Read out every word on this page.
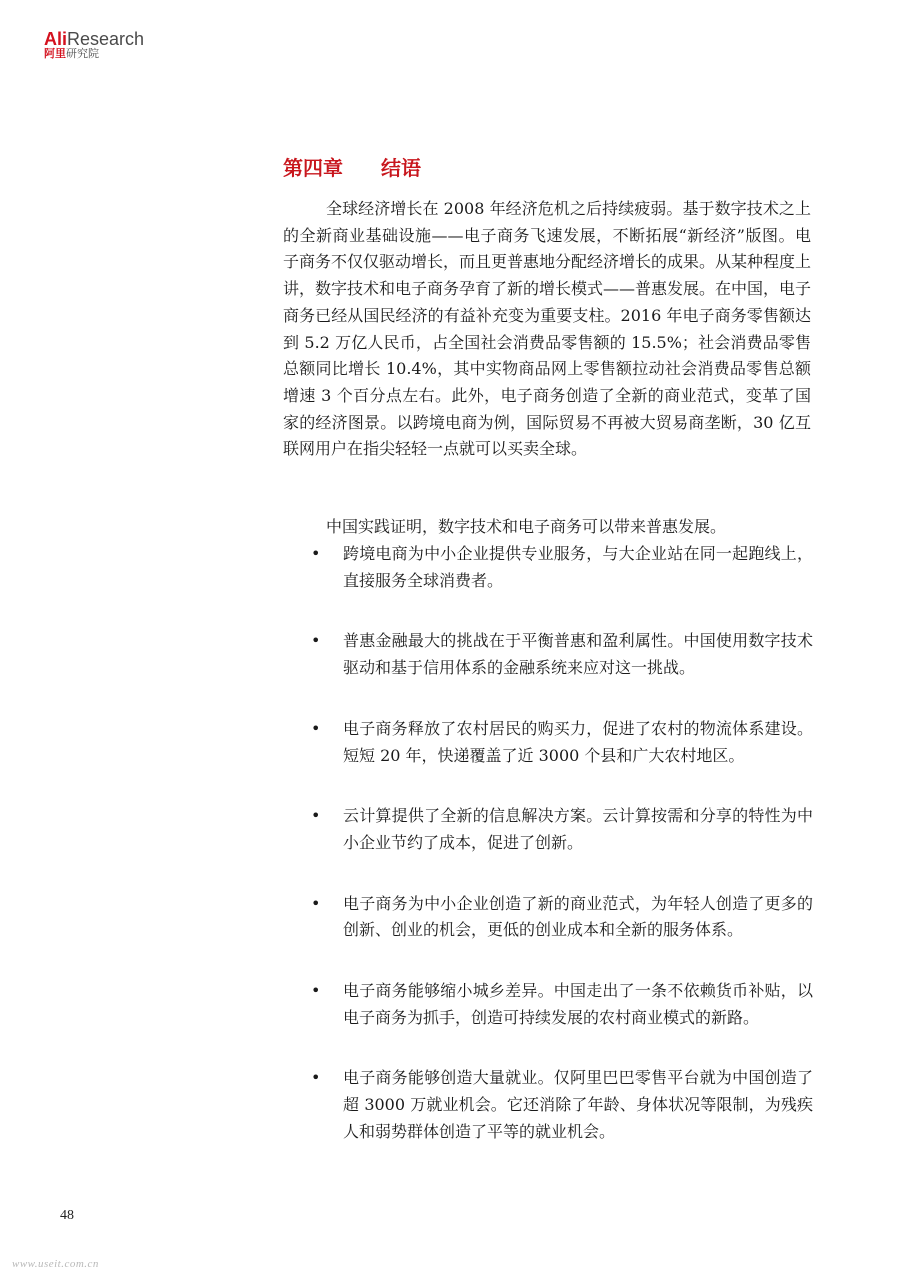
AliResearch
阿里研究院
第四章 结语

全球经济增长在 2008 年经济危机之后持续疲弱。基于数字技术之上的全新商业基础设施——电子商务飞速发展，不断拓展“新经济”版图。电子商务不仅仅驱动增长，而且更普惠地分配经济增长的成果。从某种程度上讲，数字技术和电子商务孕育了新的增长模式——普惠发展。在中国，电子商务已经从国民经济的有益补充变为重要支柱。2016 年电子商务零售额达到 5.2 万亿人民币，占全国社会消费品零售额的 15.5%；社会消费品零售总额同比增长 10.4%，其中实物商品网上零售额拉动社会消费品零售总额增速 3 个百分点左右。此外，电子商务创造了全新的商业范式，变革了国家的经济图景。以跨境电商为例，国际贸易不再被大贸易商垄断，30 亿互联网用户在指尖轻轻一点就可以买卖全球。

中国实践证明，数字技术和电子商务可以带来普惠发展。

• 跨境电商为中小企业提供专业服务，与大企业站在同一起跑线上，直接服务全球消费者。
• 普惠金融最大的挑战在于平衡普惠和盈利属性。中国使用数字技术驱动和基于信用体系的金融系统来应对这一挑战。
• 电子商务释放了农村居民的购买力，促进了农村的物流体系建设。短短 20 年，快递覆盖了近 3000 个县和广大农村地区。
• 云计算提供了全新的信息解决方案。云计算按需和分享的特性为中小企业节约了成本，促进了创新。
• 电子商务为中小企业创造了新的商业范式，为年轻人创造了更多的创新、创业的机会，更低的创业成本和全新的服务体系。
• 电子商务能够缩小城乡差异。中国走出了一条不依赖货币补贴，以电子商务为抓手，创造可持续发展的农村商业模式的新路。
• 电子商务能够创造大量就业。仅阿里巴巴零售平台就为中国创造了超 3000 万就业机会。它还消除了年龄、身体状况等限制，为残疾人和弱势群体创造了平等的就业机会。
48
www.useit.com.cn
